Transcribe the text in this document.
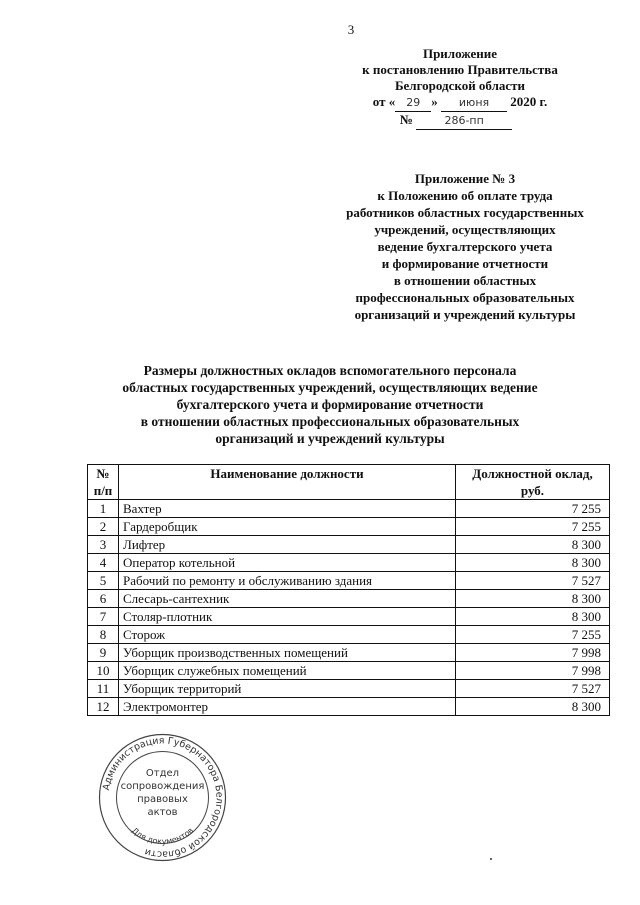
3
Приложение
к постановлению Правительства
Белгородской области
от « 29 » июня 2020 г.
№	286-пп
Приложение № 3
к Положению об оплате труда
работников областных государственных
учреждений, осуществляющих
ведение бухгалтерского учета
и формирование отчетности
в отношении областных
профессиональных образовательных
организаций и учреждений культуры
Размеры должностных окладов вспомогательного персонала
областных государственных учреждений, осуществляющих ведение
бухгалтерского учета и формирование отчетности
в отношении областных профессиональных образовательных
организаций и учреждений культуры
№
п/п	Наименование должности	Должностной оклад,
руб.
1	Вахтер	7 255
2	Гардеробщик	7 255
3	Лифтер	8 300
4	Оператор котельной	8 300
5	Рабочий по ремонту и обслуживанию здания	7 527
6	Слесарь-сантехник	8 300
7	Столяр-плотник	8 300
8	Сторож	7 255
9	Уборщик производственных помещений	7 998
10	Уборщик служебных помещений	7 998
11	Уборщик территорий	7 527
12	Электромонтер	8 300
Администрация Губернатора Белгородской области
Отдел
сопровождения
правовых
актов
Для документов
